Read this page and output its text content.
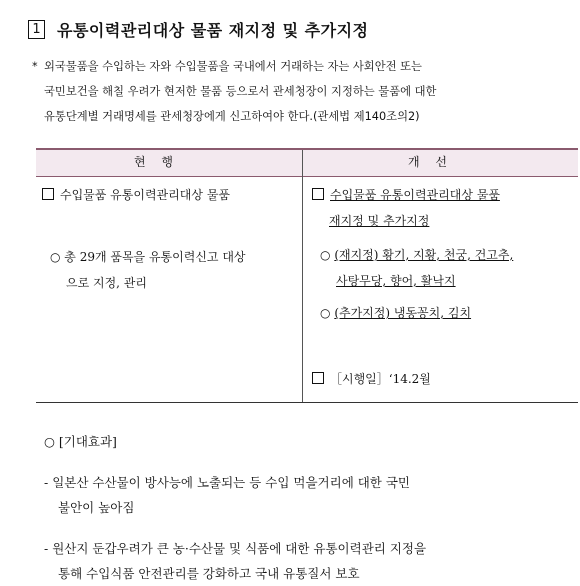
1 유통이력관리대상 물품 재지정 및 추가지정
* 외국물품을 수입하는 자와 수입물품을 국내에서 거래하는 자는 사회안전 또는

국민보건을 해칠 우려가 현저한 물품 등으로서 관세청장이 지정하는 물품에 대한

유통단계별 거래명세를 관세청장에게 신고하여야 한다.(관세법 제140조의2)

현 행	개 선
수입물품 유통이력관리대상 물품
○ 총 29개 품목을 유통이력신고 대상
으로 지정, 관리
수입물품 유통이력관리대상 물품
재지정 및 추가지정
○ (재지정) 황기, 지황, 천궁, 건고추,
사탕무당, 향어, 활낙지
○ (추가지정) 냉동꽁치, 김치
［시행일］‘14.2월
○ [기대효과]
- 일본산 수산물이 방사능에 노출되는 등 수입 먹을거리에 대한 국민
불안이 높아짐
- 원산지 둔갑우려가 큰 농·수산물 및 식품에 대한 유통이력관리 지정을
통해 수입식품 안전관리를 강화하고 국내 유통질서 보호
